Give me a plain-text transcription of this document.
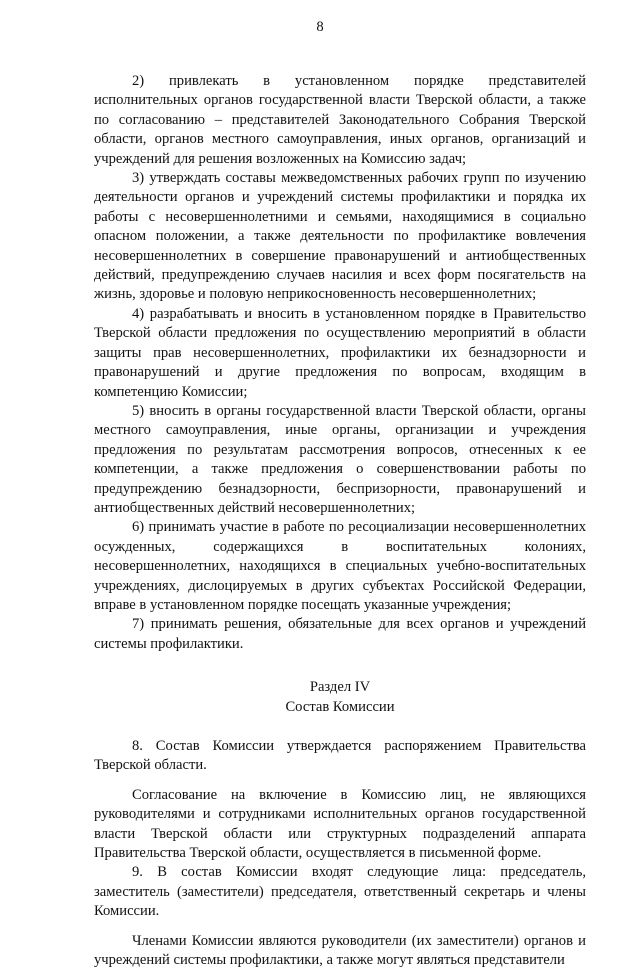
8

2) привлекать в установленном порядке представителей исполнительных органов государственной власти Тверской области, а также по согласованию – представителей Законодательного Собрания Тверской области, органов местного самоуправления, иных органов, организаций и учреждений для решения возложенных на Комиссию задач;

3) утверждать составы межведомственных рабочих групп по изучению деятельности органов и учреждений системы профилактики и порядка их работы с несовершеннолетними и семьями, находящимися в социально опасном положении, а также деятельности по профилактике вовлечения несовершеннолетних в совершение правонарушений и антиобщественных действий, предупреждению случаев насилия и всех форм посягательств на жизнь, здоровье и половую неприкосновенность несовершеннолетних;

4) разрабатывать и вносить в установленном порядке в Правительство Тверской области предложения по осуществлению мероприятий в области защиты прав несовершеннолетних, профилактики их безнадзорности и правонарушений и другие предложения по вопросам, входящим в компетенцию Комиссии;

5) вносить в органы государственной власти Тверской области, органы местного самоуправления, иные органы, организации и учреждения предложения по результатам рассмотрения вопросов, отнесенных к ее компетенции, а также предложения о совершенствовании работы по предупреждению безнадзорности, беспризорности, правонарушений и антиобщественных действий несовершеннолетних;

6) принимать участие в работе по ресоциализации несовершеннолетних осужденных, содержащихся в воспитательных колониях, несовершеннолетних, находящихся в специальных учебно-воспитательных учреждениях, дислоцируемых в других субъектах Российской Федерации, вправе в установленном порядке посещать указанные учреждения;

7) принимать решения, обязательные для всех органов и учреждений системы профилактики.

Раздел IV

Состав Комиссии

8. Состав Комиссии утверждается распоряжением Правительства Тверской области.

Согласование на включение в Комиссию лиц, не являющихся руководителями и сотрудниками исполнительных органов государственной власти Тверской области или структурных подразделений аппарата Правительства Тверской области, осуществляется в письменной форме.

9. В состав Комиссии входят следующие лица: председатель, заместитель (заместители) председателя, ответственный секретарь и члены Комиссии.

Членами Комиссии являются руководители (их заместители) органов и учреждений системы профилактики, а также могут являться представители
